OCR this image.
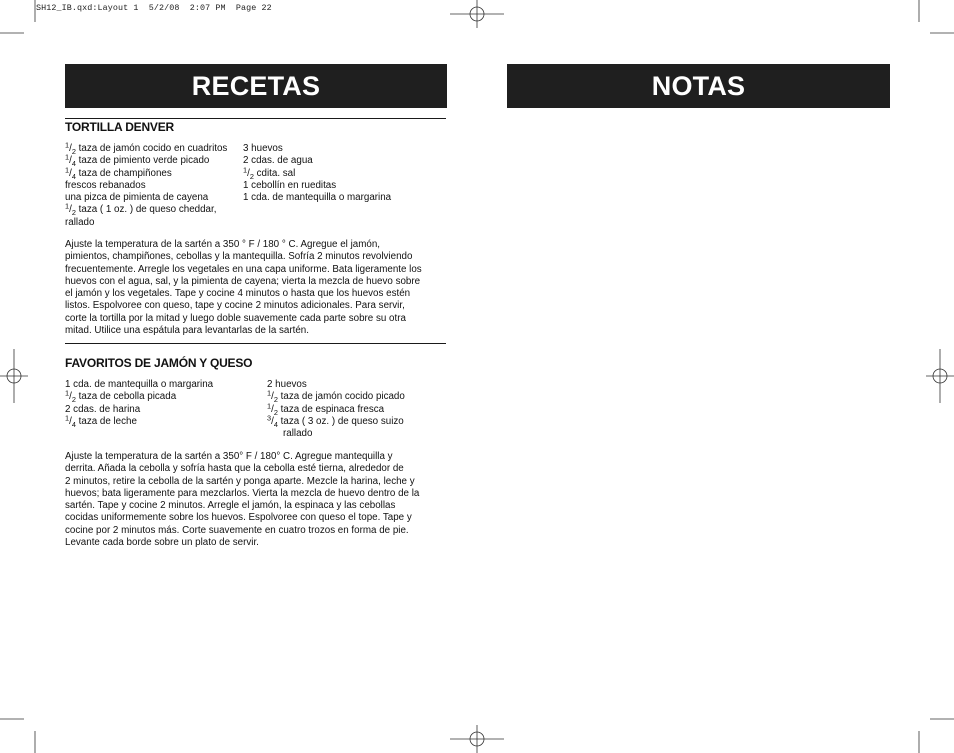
SH12_IB.qxd:Layout 1  5/2/08  2:07 PM  Page 22
RECETAS	NOTAS
TORTILLA DENVER
$^1/_2$ taza de jamón cocido en cuadritos
$^1/_4$ taza de pimiento verde picado
$^1/_4$ taza de champiñones
frescos rebanados
una pizca de pimienta de cayena
$^1/_2$ taza ( 1 oz. ) de queso cheddar,
rallado
3 huevos
2 cdas. de agua
$^1/_2$ cdita. sal
1 cebollín en rueditas
1 cda. de mantequilla o margarina
Ajuste la temperatura de la sartén a 350 ° F / 180 ° C. Agregue el jamón,
pimientos, champiñones, cebollas y la mantequilla. Sofría 2 minutos revolviendo
frecuentemente. Arregle los vegetales en una capa uniforme. Bata ligeramente los
huevos con el agua, sal, y la pimienta de cayena; vierta la mezcla de huevo sobre
el jamón y los vegetales. Tape y cocine 4 minutos o hasta que los huevos estén
listos. Espolvoree con queso, tape y cocine 2 minutos adicionales. Para servir,
corte la tortilla por la mitad y luego doble suavemente cada parte sobre su otra
mitad. Utilice una espátula para levantarlas de la sartén.
FAVORITOS DE JAMÓN Y QUESO
1 cda. de mantequilla o margarina
$^1/_2$ taza de cebolla picada
2 cdas. de harina
$^1/_4$ taza de leche
2 huevos
$^1/_2$ taza de jamón cocido picado
$^1/_2$ taza de espinaca fresca
$^3/_4$ taza ( 3 oz. ) de queso suizo
rallado
Ajuste la temperatura de la sartén a 350° F / 180° C. Agregue mantequilla y
derrita. Añada la cebolla y sofría hasta que la cebolla esté tierna, alrededor de
2 minutos, retire la cebolla de la sartén y ponga aparte. Mezcle la harina, leche y
huevos; bata ligeramente para mezclarlos. Vierta la mezcla de huevo dentro de la
sartén. Tape y cocine 2 minutos. Arregle el jamón, la espinaca y las cebollas
cocidas uniformemente sobre los huevos. Espolvoree con queso el tope. Tape y
cocine por 2 minutos más. Corte suavemente en cuatro trozos en forma de pie.
Levante cada borde sobre un plato de servir.
